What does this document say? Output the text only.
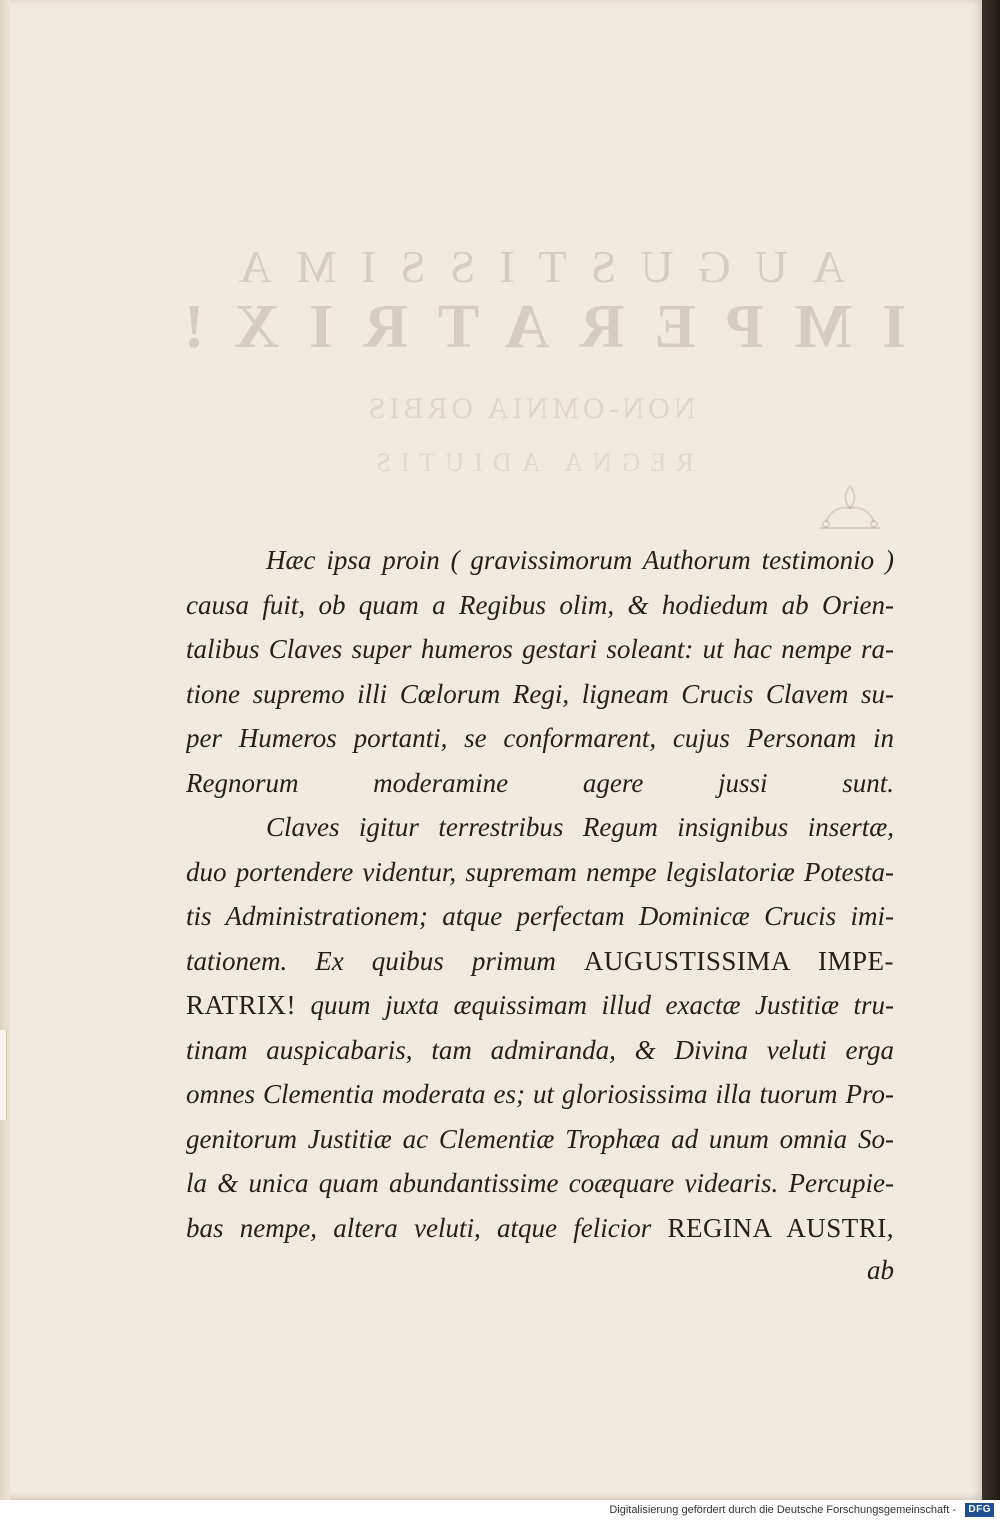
AUGUSTISSIMA
IMPERATRIX!
NON-OMNIA ORBIS
REGNA ADIUTIS
Hæc ipsa proin ( gravissimorum Authorum testimonio )
causa fuit, ob quam a Regibus olim, & hodiedum ab Orien-
talibus Claves super humeros gestari soleant: ut hac nempe ra-
tione supremo illi Cœlorum Regi, ligneam Crucis Clavem su-
per Humeros portanti, se conformarent, cujus Personam in
Regnorum moderamine agere jussi sunt.
Claves igitur terrestribus Regum insignibus insertæ,
duo portendere videntur, supremam nempe legislatoriæ Potesta-
tis Administrationem; atque perfectam Dominicæ Crucis imi-
tationem. Ex quibus primum AUGUSTISSIMA IMPE-
RATRIX! quum juxta æquissimam illud exactæ Justitiæ tru-
tinam auspicabaris, tam admiranda, & Divina veluti erga
omnes Clementia moderata es; ut gloriosissima illa tuorum Pro-
genitorum Justitiæ ac Clementiæ Trophæa ad unum omnia So-
la & unica quam abundantissime coæquare videaris. Percupie-
bas nempe, altera veluti, atque felicior REGINA AUSTRI,
ab
Digitalisierung gefördert durch die Deutsche Forschungsgemeinschaft -	DFG
